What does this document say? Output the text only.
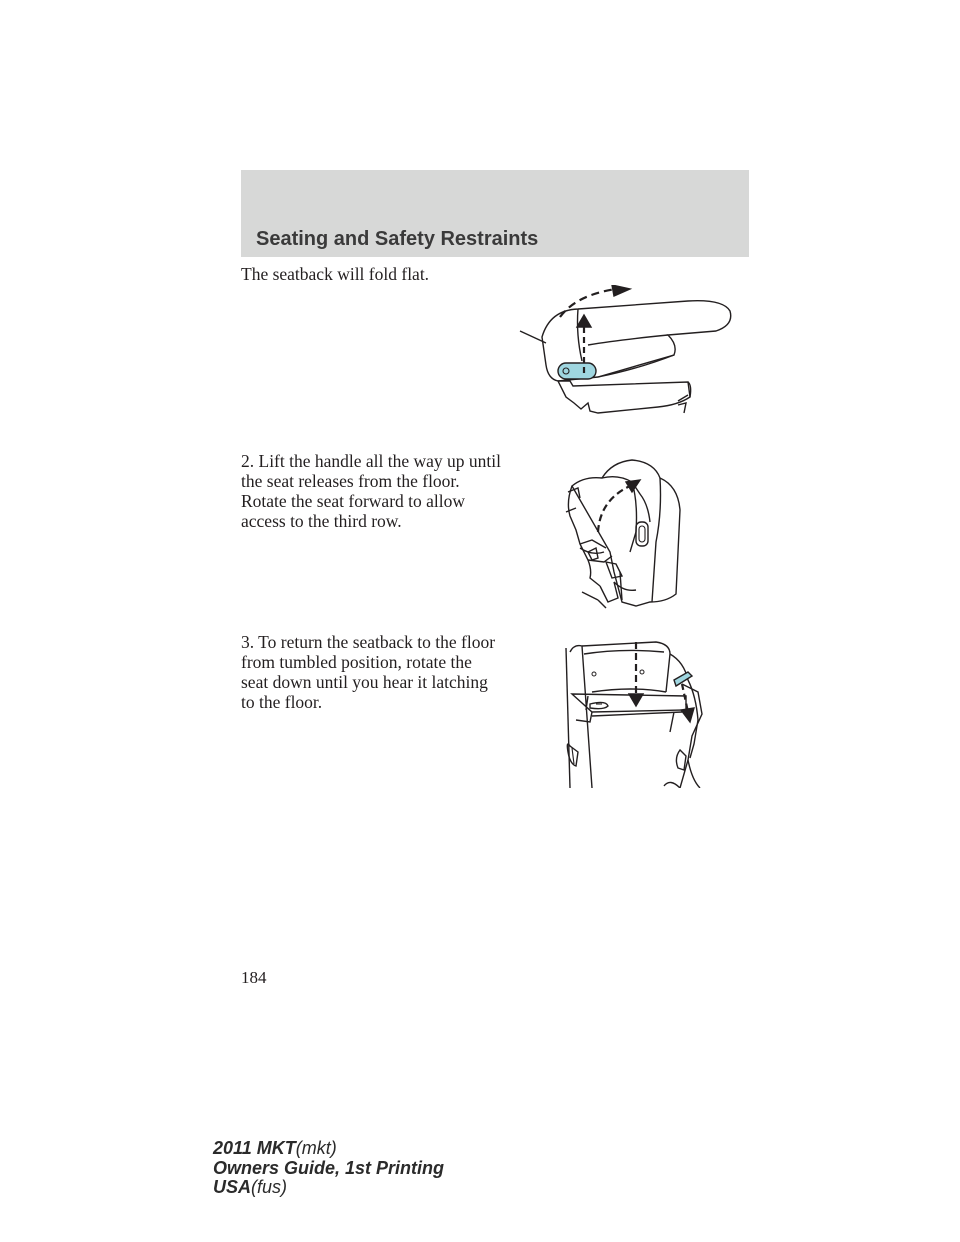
Seating and Safety Restraints
The seatback will fold flat.
2. Lift the handle all the way up until the seat releases from the floor. Rotate the seat forward to allow access to the third row.
3. To return the seatback to the floor from tumbled position, rotate the seat down until you hear it latching to the floor.
184
2011 MKT(mkt)
Owners Guide, 1st Printing
USA(fus)
